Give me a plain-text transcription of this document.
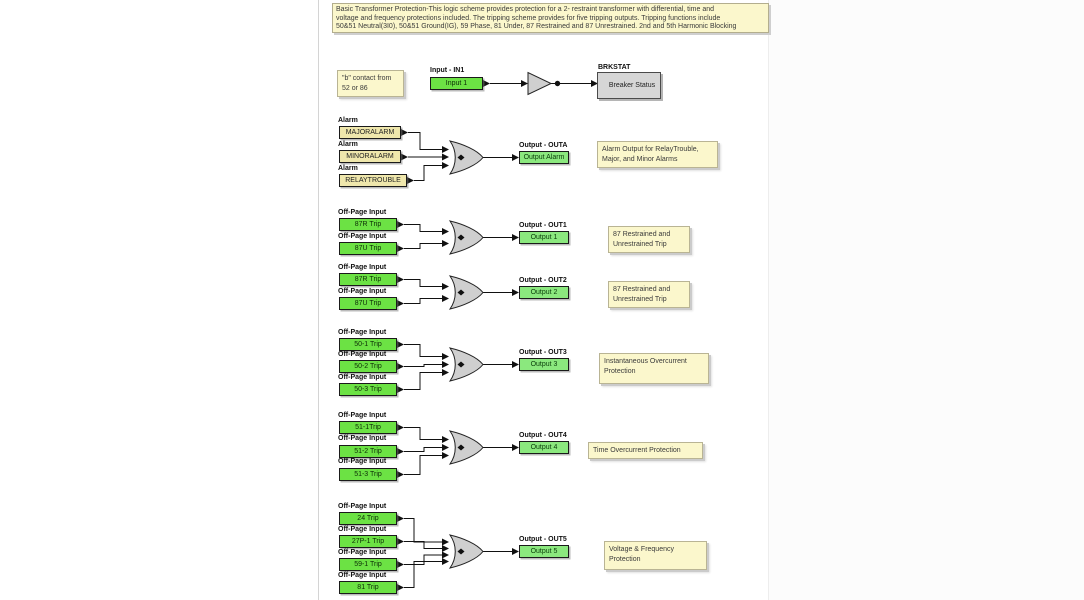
Basic Transformer Protection-This logic scheme provides protection for a 2- restraint transformer with differential, time and
voltage and frequency protections included. The tripping scheme provides for five tripping outputs. Tripping functions include
50&51 Neutral(3I0), 50&51 Ground(IG), 59 Phase, 81 Under, 87 Restrained and 87 Unrestrained. 2nd and 5th Harmonic Blocking
"b" contact from 52 or 86
Input - IN1
Input 1
BRKSTAT
Breaker Status
Alarm
MAJORALARM
Alarm
MINORALARM
Alarm
RELAYTROUBLE
Output - OUTA
Output Alarm
Alarm Output for RelayTrouble, Major, and Minor Alarms
Off-Page Input
87R Trip
Off-Page Input
87U Trip
Output - OUT1
Output 1	87 Restrained and Unrestrained Trip
Off-Page Input
87R Trip
Off-Page Input
87U Trip
Output - OUT2
Output 2	87 Restrained and Unrestrained Trip
Off-Page Input
50-1 Trip
Off-Page Input
50-2 Trip
Off-Page Input
50-3 Trip
Output - OUT3
Output 3	Instantaneous Overcurrent Protection
Off-Page Input
51-1Trip
Off-Page Input
51-2 Trip
Off-Page Input
51-3 Trip
Output - OUT4
Output 4	Time Overcurrent Protection
Off-Page Input
24 Trip
Off-Page Input
27P-1 Trip
Off-Page Input
59-1 Trip
Off-Page Input
81 Trip
Output - OUT5
Output 5	Voltage & Frequency Protection
